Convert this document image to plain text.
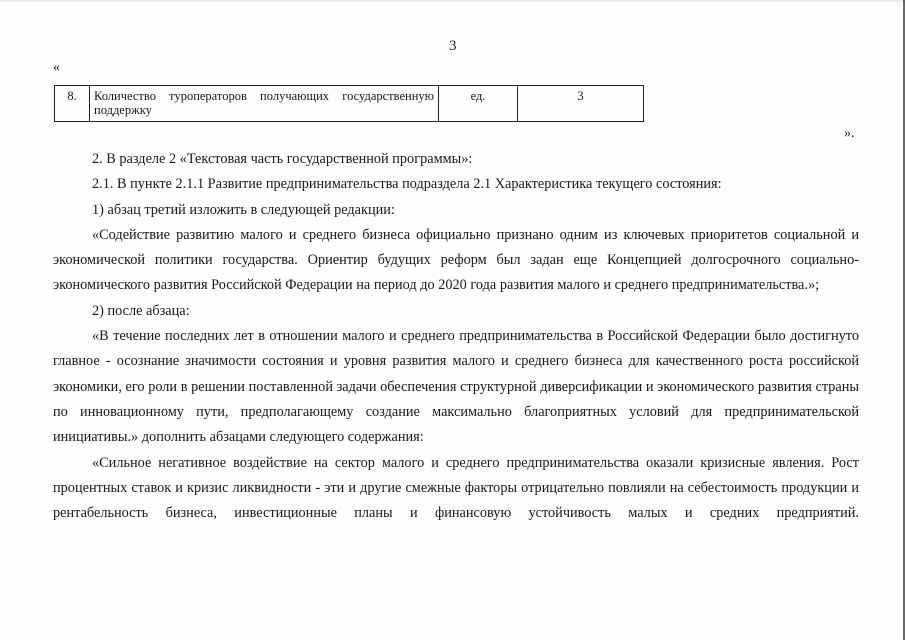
3
«
8.	Количество туроператоров получающих государственную поддержку	ед.	3
».

2. В разделе 2 «Текстовая часть государственной программы»:

2.1. В пункте 2.1.1 Развитие предпринимательства подраздела 2.1 Характеристика текущего состояния:

1) абзац третий изложить в следующей редакции:

«Содействие развитию малого и среднего бизнеса официально признано одним из ключевых приоритетов социальной и экономической политики государства. Ориентир будущих реформ был задан еще Концепцией долгосрочного социально-экономического развития Российской Федерации на период до 2020 года развития малого и среднего предпринимательства.»;

2) после абзаца:

«В течение последних лет в отношении малого и среднего предпринимательства в Российской Федерации было достигнуто главное - осознание значимости состояния и уровня развития малого и среднего бизнеса для качественного роста российской экономики, его роли в решении поставленной задачи обеспечения структурной диверсификации и экономического развития страны по инновационному пути, предполагающему создание максимально благоприятных условий для предпринимательской инициативы.» дополнить абзацами следующего содержания:

«Сильное негативное воздействие на сектор малого и среднего предпринимательства оказали кризисные явления. Рост процентных ставок и кризис ликвидности - эти и другие смежные факторы отрицательно повлияли на себестоимость продукции и рентабельность бизнеса, инвестиционные планы и финансовую устойчивость малых и средних предприятий.
